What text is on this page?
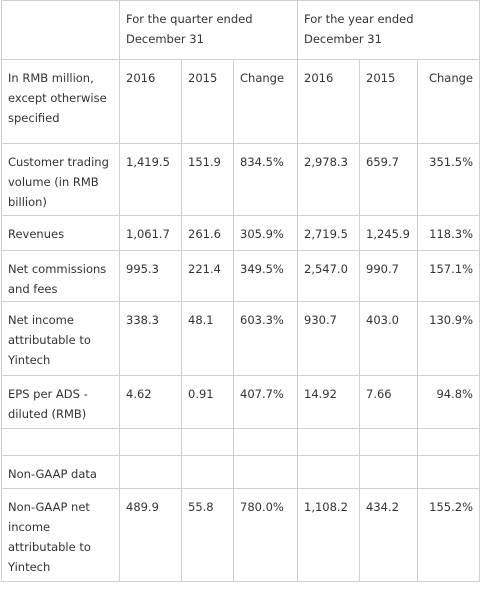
	For the quarter ended December 31			For the year ended December 31		
In RMB million, except otherwise specified	2016	2015	Change	2016	2015	Change
Customer trading volume (in RMB billion)	1,419.5	151.9	834.5%	2,978.3	659.7	351.5%
Revenues	1,061.7	261.6	305.9%	2,719.5	1,245.9	118.3%
Net commissions and fees	995.3	221.4	349.5%	2,547.0	990.7	157.1%
Net income attributable to Yintech	338.3	48.1	603.3%	930.7	403.0	130.9%
EPS per ADS - diluted (RMB)	4.62	0.91	407.7%	14.92	7.66	94.8%

Non-GAAP data						
Non-GAAP net income attributable to Yintech	489.9	55.8	780.0%	1,108.2	434.2	155.2%
